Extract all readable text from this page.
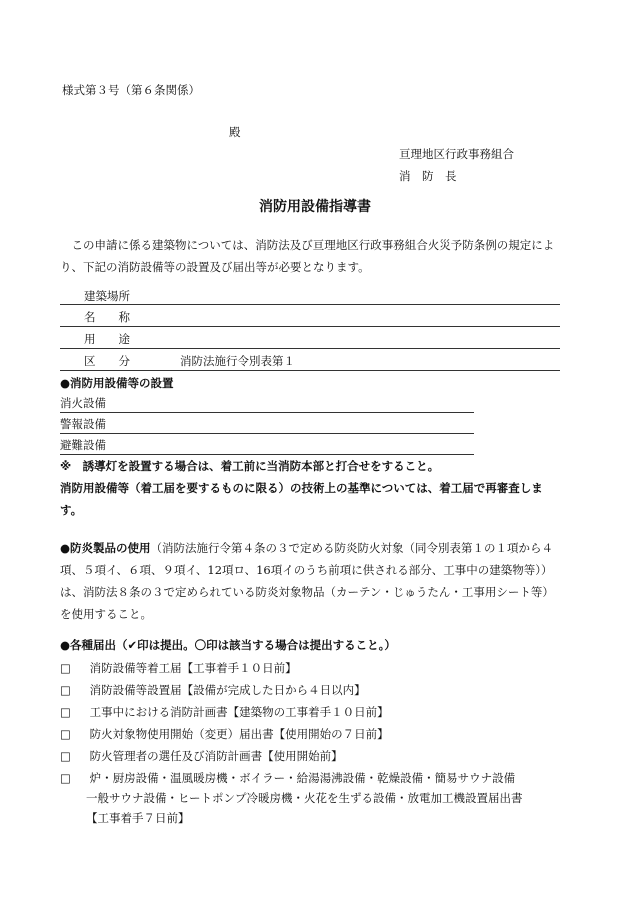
様式第３号（第６条関係）
殿
亘理地区行政事務組合
消　防　長
消防用設備指導書
　この申請に係る建築物については、消防法及び亘理地区行政事務組合火災予防条例の規定により、下記の消防設備等の設置及び届出等が必要となります。
建築場所
名　　称
用　　途
区　　分	消防法施行令別表第１
●消防用設備等の設置
消火設備
警報設備
避難設備
※　誘導灯を設置する場合は、着工前に当消防本部と打合せをすること。
消防用設備等（着工届を要するものに限る）の技術上の基準については、着工届で再審査します。
●防炎製品の使用（消防法施行令第４条の３で定める防炎防火対象（同令別表第１の１項から４項、５項イ、６項、９項イ、12項ロ、16項イのうち前項に供される部分、工事中の建築物等））は、消防法８条の３で定められている防炎対象物品（カーテン・じゅうたん・工事用シート等）を使用すること。
●各種届出（✔印は提出。〇印は該当する場合は提出すること。）
□ 消防設備等着工届【工事着手１０日前】
□ 消防設備等設置届【設備が完成した日から４日以内】
□ 工事中における消防計画書【建築物の工事着手１０日前】
□ 防火対象物使用開始（変更）届出書【使用開始の７日前】
□ 防火管理者の選任及び消防計画書【使用開始前】
□ 炉・厨房設備・温風暖房機・ボイラー・給湯湯沸設備・乾燥設備・簡易サウナ設備
一般サウナ設備・ヒートポンプ冷暖房機・火花を生ずる設備・放電加工機設置届出書
【工事着手７日前】
